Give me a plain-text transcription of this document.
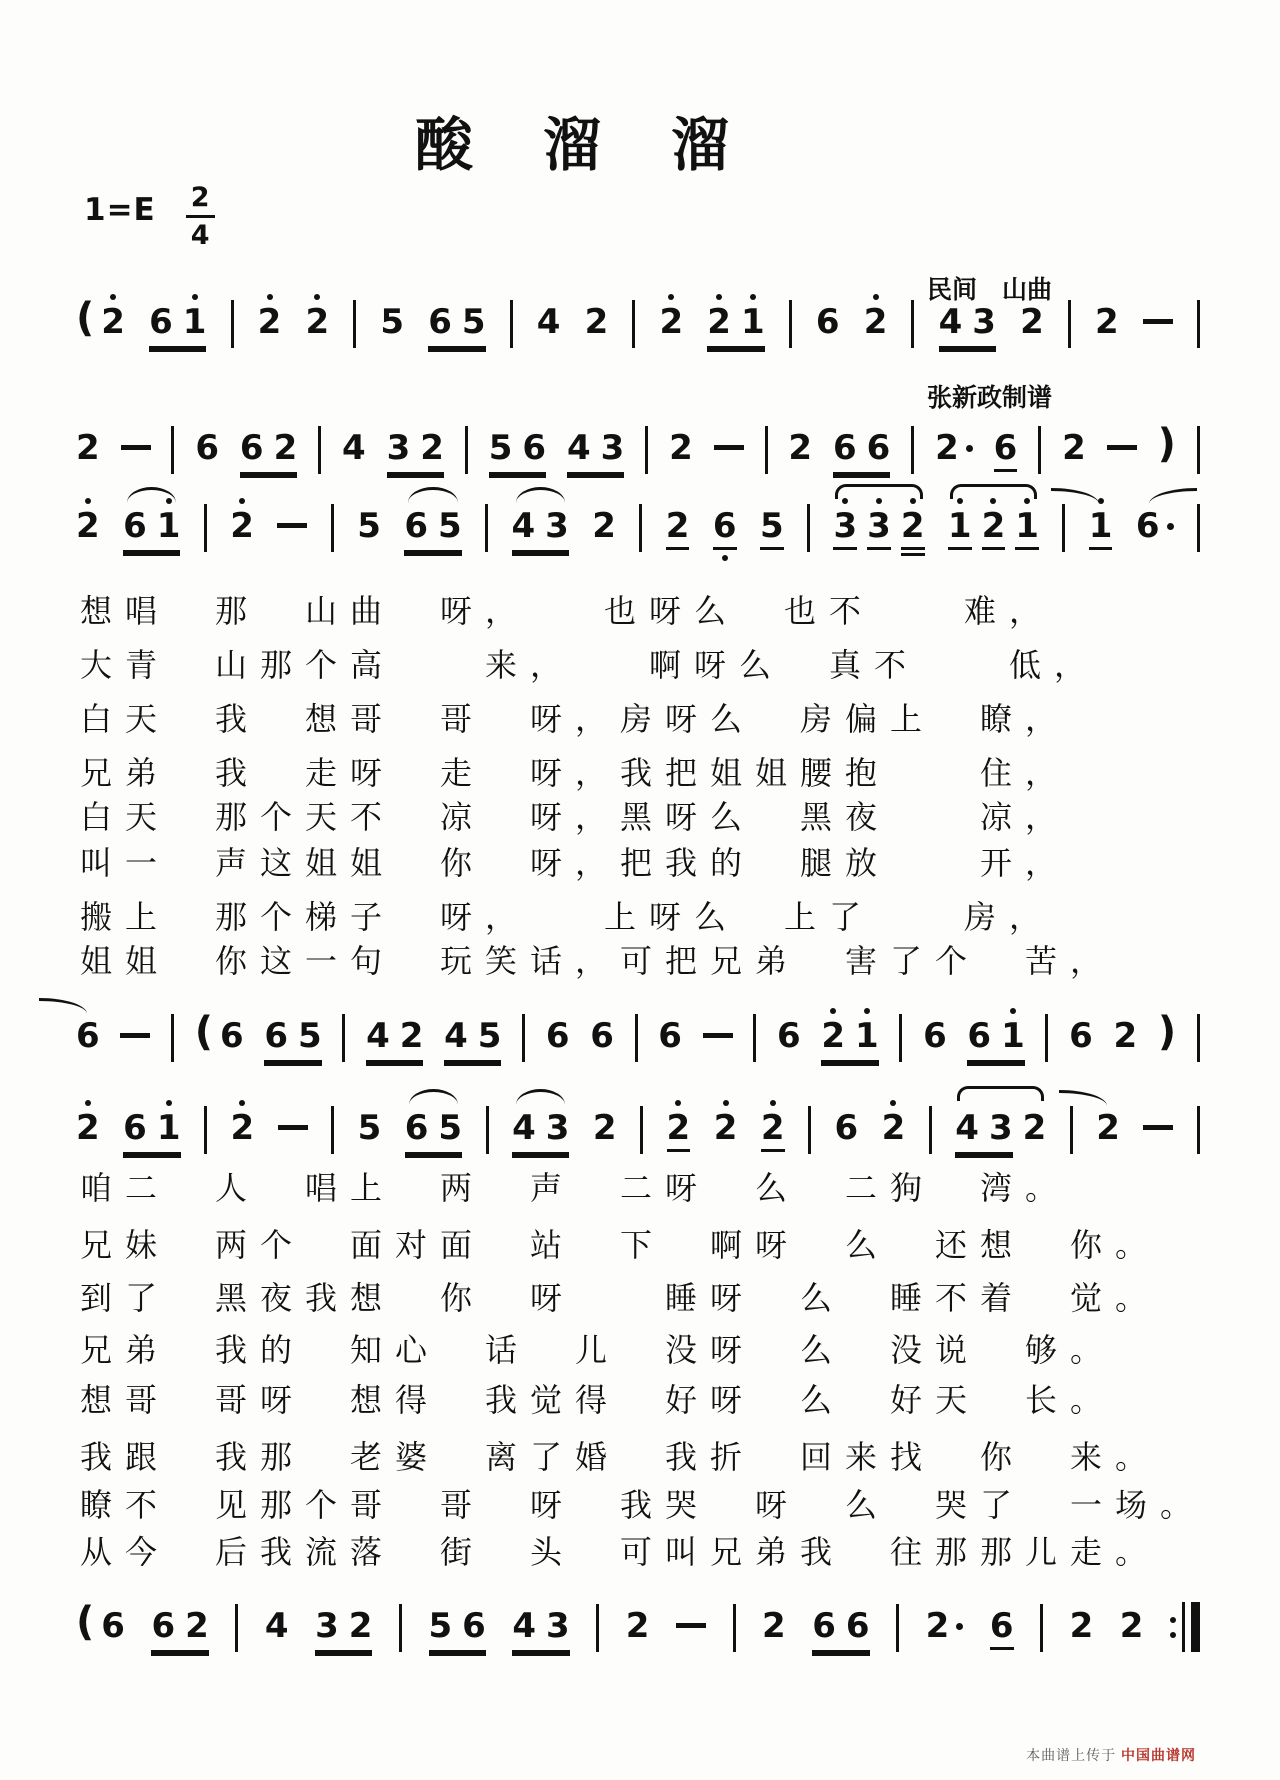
酸　溜　溜
$1=E \frac{2}{4}$

民间　山曲

张新政制谱

( 2 6 1 2 2 5 6 5 4 2 2 2 1 6 2 4 3 2 2
2	6 6 2 4 3 2 5 6 4 3 2	2 6 6 2 6 2 )
2 6 1 2	5 6 5 4 3 2 2 6 5 3 3 2 1 2 1 1 6
6 ( 6 6 5 4 2 4 5 6 6 6	6 2 1 6 6 1 6 2 )
2 6 1 2	5 6 5 4 3 2 2 2 2 6 2 4 3 2 2
( 6 6 2 4 3 2 5 6 4 3 2	2 6 6 2 6 2 2
想唱　那　山曲　呀，　　也呀么　也不　　难，
大青　山那个高　　来，　　啊呀么　真不　　低，
白天　我　想哥　哥　呀，房呀么　房偏上　瞭，
兄弟　我　走呀　走　呀，我把姐姐腰抱　　住，
白天　那个天不　凉　呀，黑呀么　黑夜　　凉，
叫一　声这姐姐　你　呀，把我的　腿放　　开，
搬上　那个梯子　呀，　　上呀么　上了　　房，
姐姐　你这一句　玩笑话，可把兄弟　害了个　苦，
咱二　人　唱上　两　声　二呀　么　二狗　湾。
兄妹　两个　面对面　站　下　啊呀　么　还想　你。
到了　黑夜我想　你　呀　　睡呀　么　睡不着　觉。
兄弟　我的　知心　话　儿　没呀　么　没说　够。
想哥　哥呀　想得　我觉得　好呀　么　好天　长。
我跟　我那　老婆　离了婚　我折　回来找　你　来。
瞭不　见那个哥　哥　呀　我哭　呀　么　哭了　一场。
从今　后我流落　街　头　可叫兄弟我　往那那儿走。
本曲谱上传于 中国曲谱网
